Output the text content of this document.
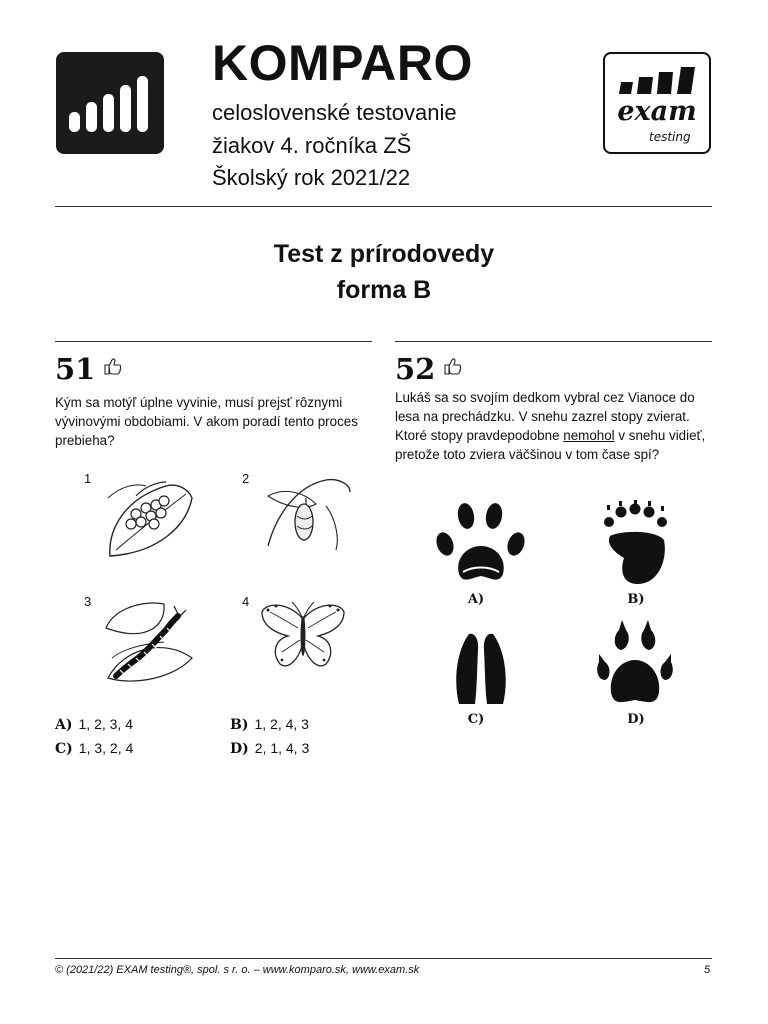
KOMPARO
celoslovenské testovanie
žiakov 4. ročníka ZŠ
Školský rok 2021/22
exam
testing
Test z prírodovedy
forma B
51
Kým sa motýľ úplne vyvinie, musí prejsť rôznymi vývinovými obdobiami. V akom poradí tento proces prebieha?
1	2
3	4
A) 1, 2, 3, 4	B) 1, 2, 4, 3
C) 1, 3, 2, 4	D) 2, 1, 4, 3
52
Lukáš sa so svojím dedkom vybral cez Vianoce do lesa na prechádzku. V snehu zazrel stopy zvierat. Ktoré stopy pravdepodobne nemohol v snehu vidieť, pretože toto zviera väčšinou v tom čase spí?
A)	B)
C)	D)
© (2021/22) EXAM testing®, spol. s r. o. – www.komparo.sk, www.exam.sk	5
